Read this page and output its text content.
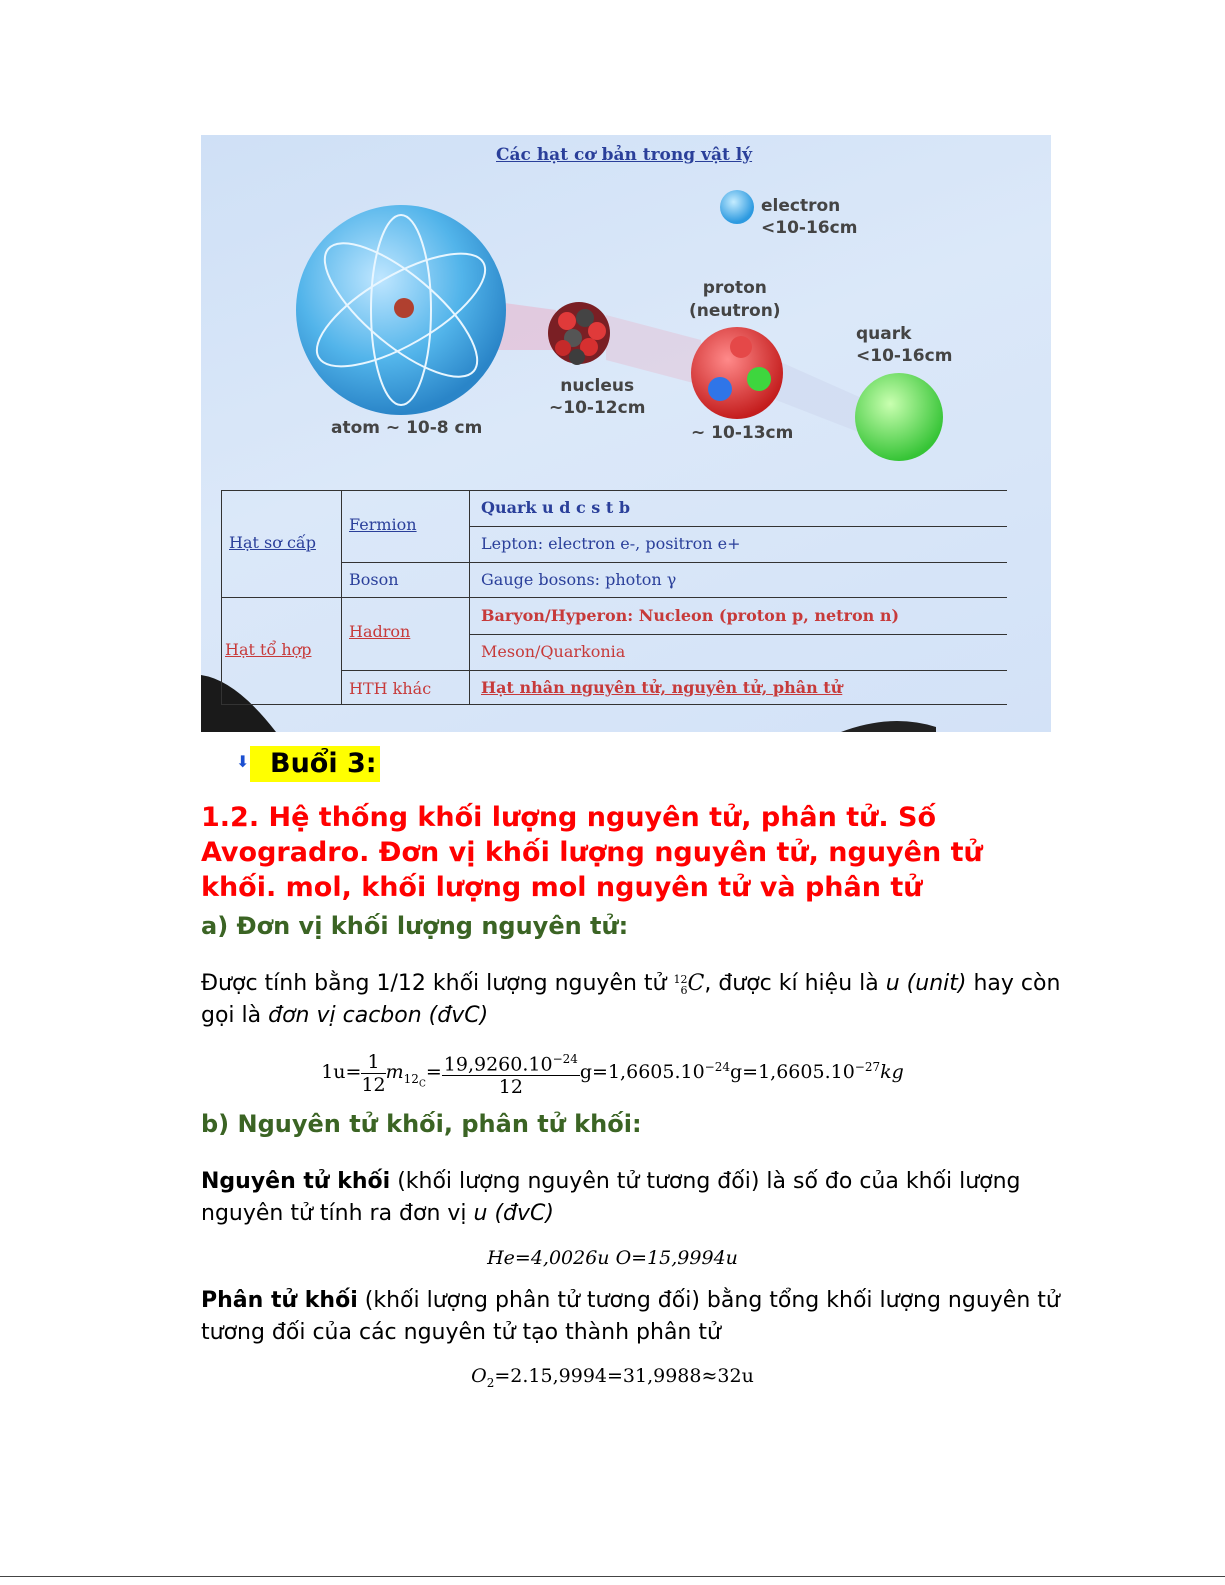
Các hạt cơ bản trong vật lý
electron
<10-16cm
proton
(neutron)
quark
<10-16cm
nucleus
~10-12cm
atom ~ 10-8 cm	~ 10-13cm
Hạt sơ cấp
Hạt tổ hợp
Fermion
Boson
Hadron
HTH khác
Quark u d c s t b
Lepton: electron e-, positron e+
Gauge bosons: photon γ
Baryon/Hyperon: Nucleon (proton p, netron n)
Meson/Quarkonia
Hạt nhân nguyên tử, nguyên tử, phân tử
⬇ Buổi 3:

1.2. Hệ thống khối lượng nguyên tử, phân tử. Số Avogradro. Đơn vị khối lượng nguyên tử, nguyên tử khối. mol, khối lượng mol nguyên tử và phân tử

a) Đơn vị khối lượng nguyên tử:

Được tính bằng 1/12 khối lượng nguyên tử 12
6 C, được kí hiệu là u (unit) hay còn gọi là đơn vị cacbon (đvC)

$1u= \frac{1}{12} m_{12_C}= \frac{19,9260.10^{-24}}{12} g=1,6605.10^{-24}g=1,6605.10^{-27}kg$

b) Nguyên tử khối, phân tử khối:

Nguyên tử khối (khối lượng nguyên tử tương đối) là số đo của khối lượng nguyên tử tính ra đơn vị u (đvC)

He=4,0026u O=15,9994u

Phân tử khối (khối lượng phân tử tương đối) bằng tổng khối lượng nguyên tử tương đối của các nguyên tử tạo thành phân tử

$O_2=2.15,9994=31,9988\approx 32u$
